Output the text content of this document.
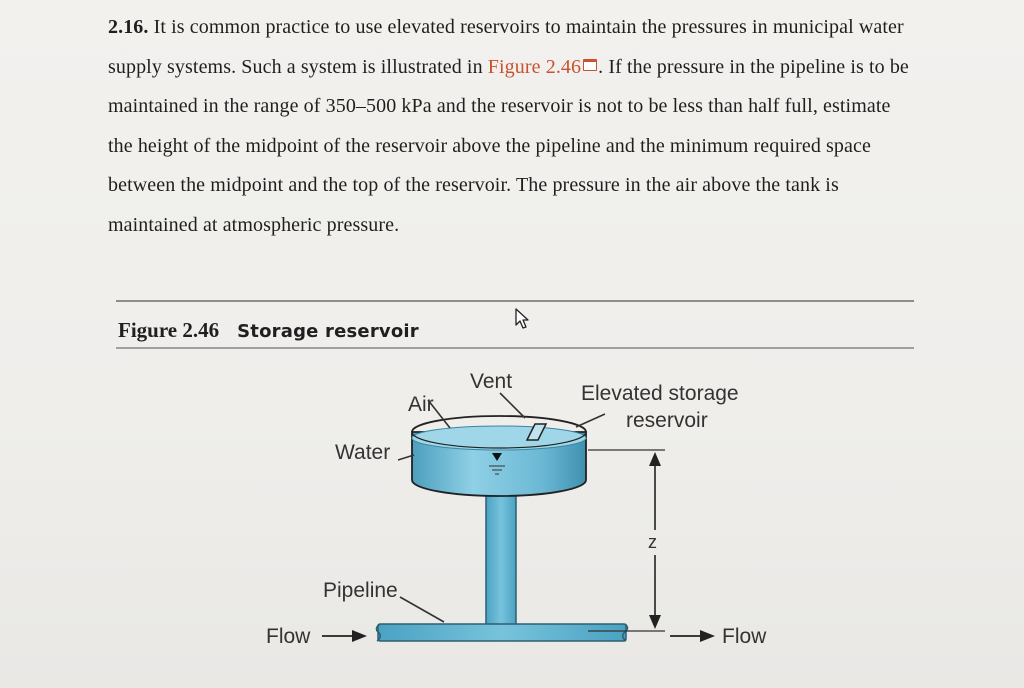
2.16. It is common practice to use elevated reservoirs to maintain the pressures in municipal water supply systems. Such a system is illustrated in Figure 2.46 . If the pressure in the pipeline is to be maintained in the range of 350–500 kPa and the reservoir is not to be less than half full, estimate the height of the midpoint of the reservoir above the pipeline and the minimum required space between the midpoint and the top of the reservoir. The pressure in the air above the tank is maintained at atmospheric pressure.
Figure 2.46 Storage reservoir
Vent
Air	Elevated storage
reservoir
Water
z
Pipeline
Flow	Flow
